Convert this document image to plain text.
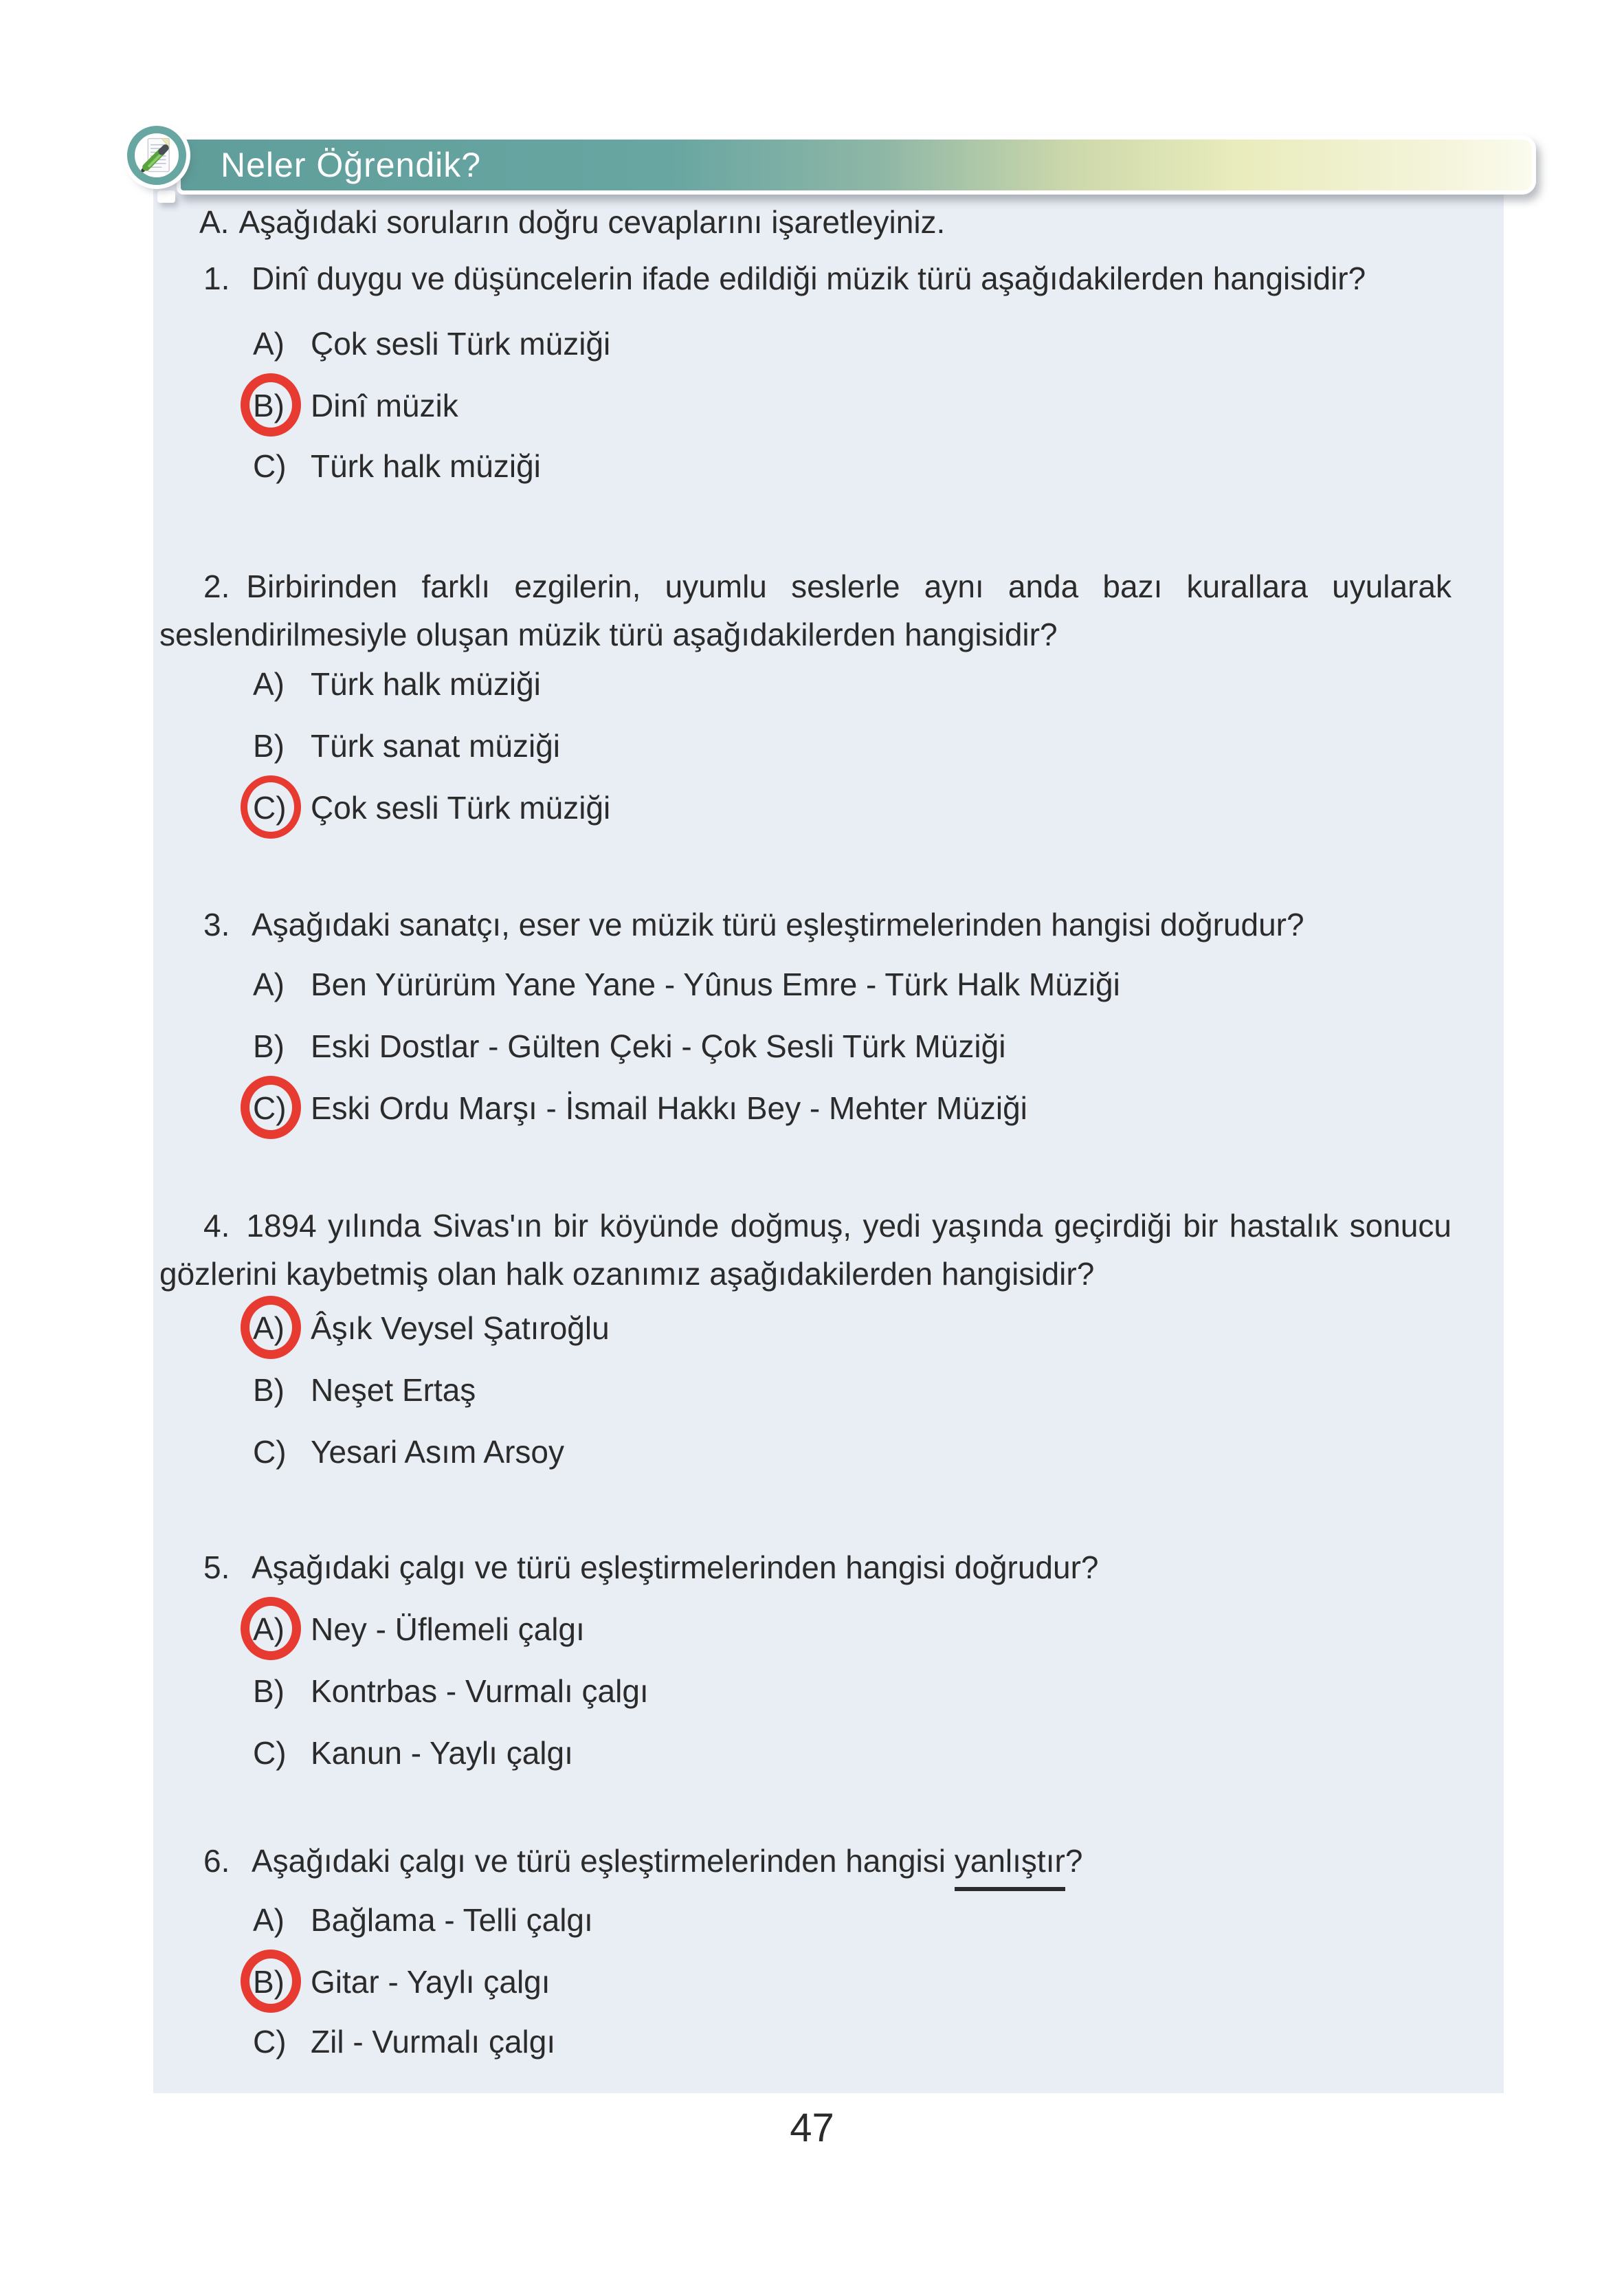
Neler Öğrendik?
A. Aşağıdaki soruların doğru cevaplarını işaretleyiniz.
1. Dinî duygu ve düşüncelerin ifade edildiği müzik türü aşağıdakilerden hangisidir?
A) Çok sesli Türk müziği
B) Dinî müzik
C) Türk halk müziği
2. Birbirinden farklı ezgilerin, uyumlu seslerle aynı anda bazı kurallara uyularak seslendirilmesiyle oluşan müzik türü aşağıdakilerden hangisidir?
A) Türk halk müziği
B) Türk sanat müziği
C) Çok sesli Türk müziği
3. Aşağıdaki sanatçı, eser ve müzik türü eşleştirmelerinden hangisi doğrudur?
A) Ben Yürürüm Yane Yane - Yûnus Emre - Türk Halk Müziği
B) Eski Dostlar - Gülten Çeki - Çok Sesli Türk Müziği
C) Eski Ordu Marşı - İsmail Hakkı Bey - Mehter Müziği
4. 1894 yılında Sivas'ın bir köyünde doğmuş, yedi yaşında geçirdiği bir hastalık sonucu gözlerini kaybetmiş olan halk ozanımız aşağıdakilerden hangisidir?
A) Âşık Veysel Şatıroğlu
B) Neşet Ertaş
C) Yesari Asım Arsoy
5. Aşağıdaki çalgı ve türü eşleştirmelerinden hangisi doğrudur?
A) Ney - Üflemeli çalgı
B) Kontrbas - Vurmalı çalgı
C) Kanun - Yaylı çalgı
6. Aşağıdaki çalgı ve türü eşleştirmelerinden hangisi yanlıştır?
A) Bağlama - Telli çalgı
B) Gitar - Yaylı çalgı
C) Zil - Vurmalı çalgı
47
